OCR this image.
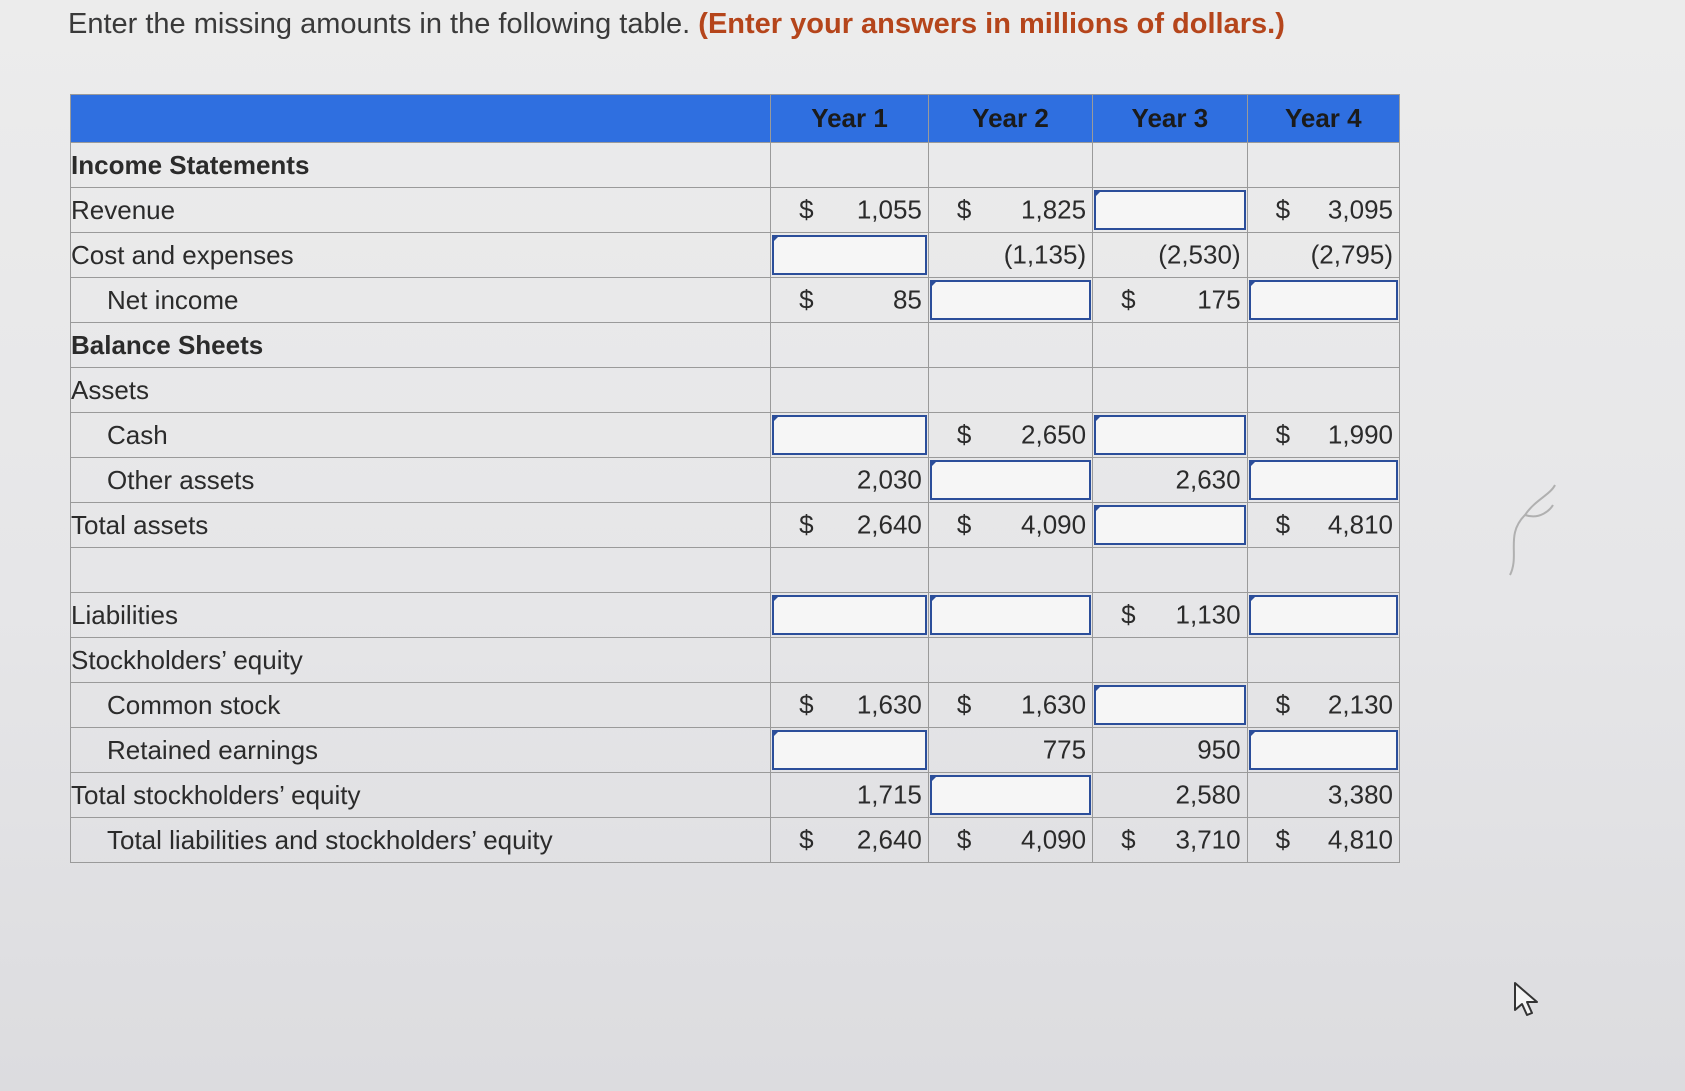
Enter the missing amounts in the following table. (Enter your answers in millions of dollars.)
	Year 1	Year 2	Year 3	Year 4
Income Statements				
Revenue	$ 1,055	$ 1,825		$ 3,095

Cost and expenses		(1,135)	(2,530)	(2,795)

Net income	$ 85		$ 175

Balance Sheets				
Assets				
Cash		$ 2,650		$ 1,990

Other assets	2,030		2,630

Total assets	$ 2,640	$ 4,090		$ 4,810

Liabilities			$ 1,130

Stockholders’ equity				
Common stock	$ 1,630	$ 1,630		$ 2,130

Retained earnings		775	950

Total stockholders’ equity	1,715		2,580	3,380

Total liabilities and stockholders’ equity	$ 2,640	$ 4,090	$ 3,710	$ 4,810
